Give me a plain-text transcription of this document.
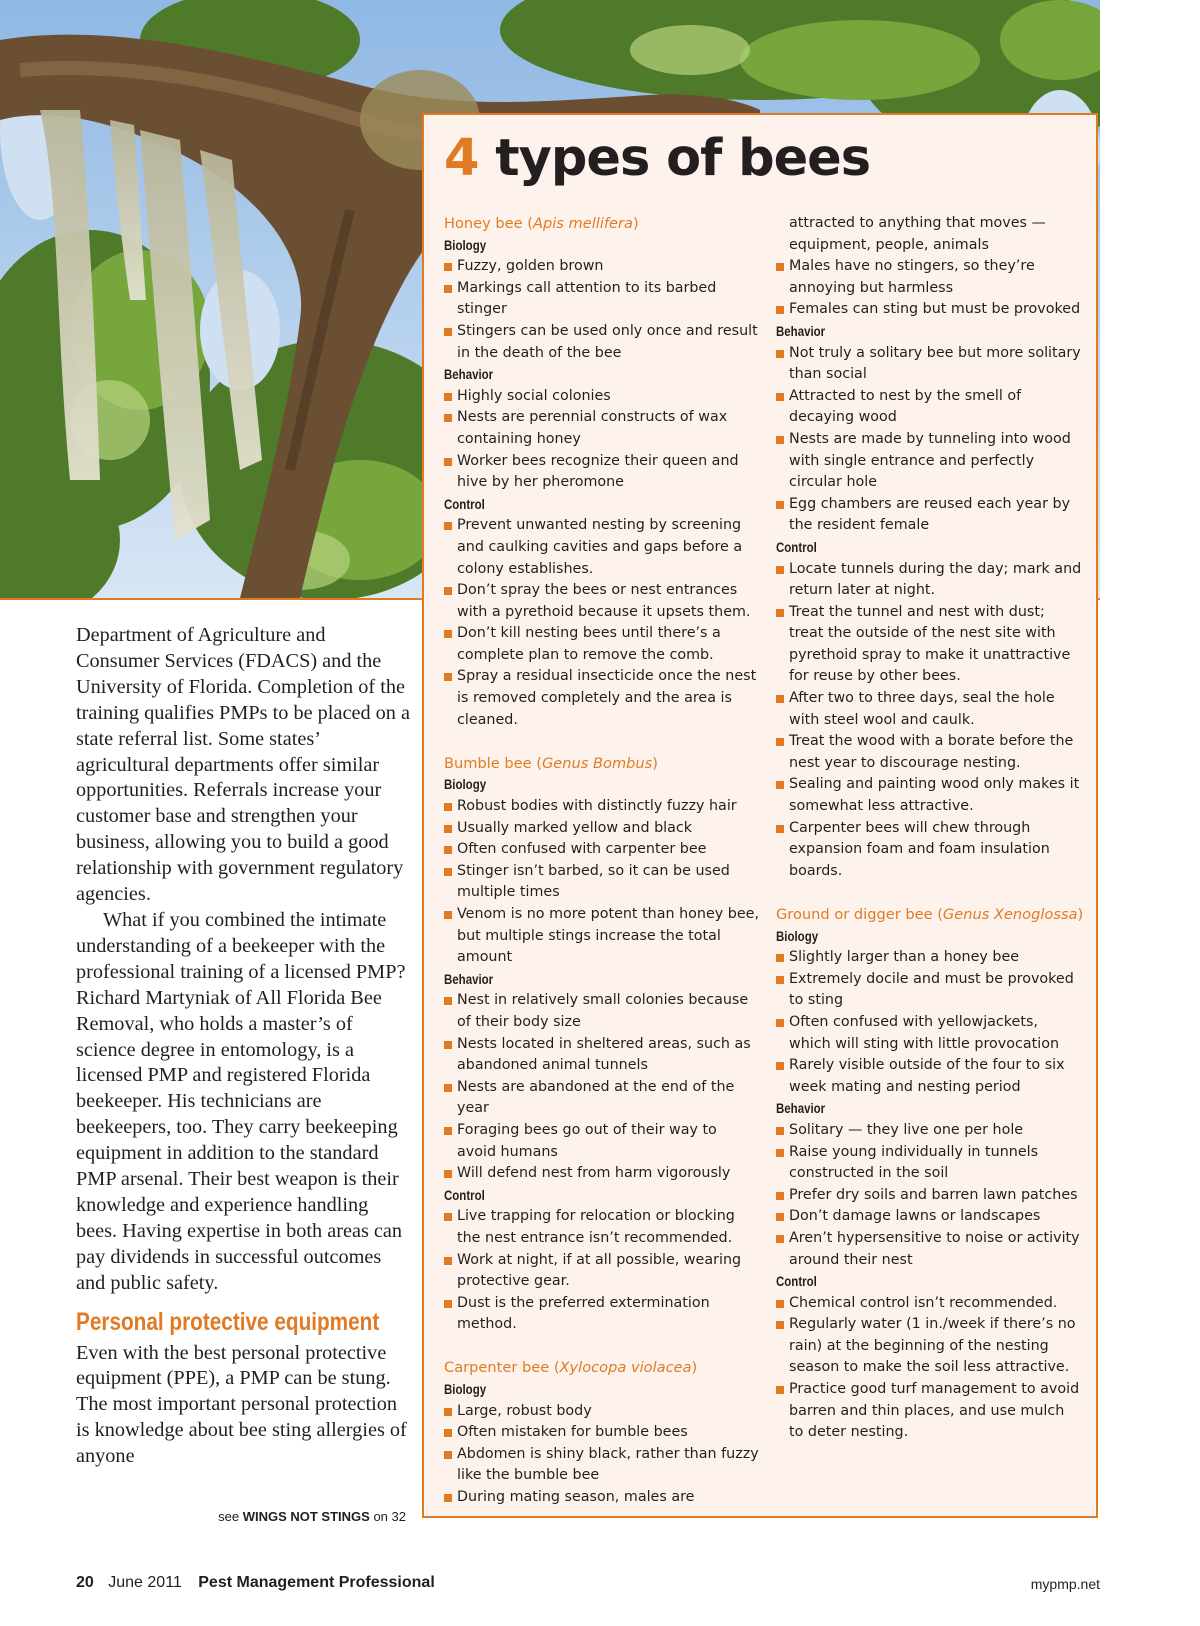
4 types of bees
Honey bee (Apis mellifera)
Biology
Fuzzy, golden brown
Markings call attention to its barbed stinger
Stingers can be used only once and result in the death of the bee
Behavior
Highly social colonies
Nests are perennial constructs of wax containing honey
Worker bees recognize their queen and hive by her pheromone
Control
Prevent unwanted nesting by screening and caulking cavities and gaps before a colony establishes.
Don’t spray the bees or nest entrances with a pyrethoid because it upsets them.
Don’t kill nesting bees until there’s a complete plan to remove the comb.
Spray a residual insecticide once the nest is removed completely and the area is cleaned.
Bumble bee (Genus Bombus)
Biology
Robust bodies with distinctly fuzzy hair
Usually marked yellow and black
Often confused with carpenter bee
Stinger isn’t barbed, so it can be used multiple times
Venom is no more potent than honey bee, but multiple stings increase the total amount
Behavior
Nest in relatively small colonies because of their body size
Nests located in sheltered areas, such as abandoned animal tunnels
Nests are abandoned at the end of the year
Foraging bees go out of their way to avoid humans
Will defend nest from harm vigorously
Control
Live trapping for relocation or blocking the nest entrance isn’t recommended.
Work at night, if at all possible, wearing protective gear.
Dust is the preferred extermination method.
Carpenter bee (Xylocopa violacea)
Biology
Large, robust body
Often mistaken for bumble bees
Abdomen is shiny black, rather than fuzzy like the bumble bee
During mating season, males are
attracted to anything that moves — equipment, people, animals
Males have no stingers, so they’re annoying but harmless
Females can sting but must be provoked
Behavior
Not truly a solitary bee but more solitary than social
Attracted to nest by the smell of decaying wood
Nests are made by tunneling into wood with single entrance and perfectly circular hole
Egg chambers are reused each year by the resident female
Control
Locate tunnels during the day; mark and return later at night.
Treat the tunnel and nest with dust; treat the outside of the nest site with pyrethoid spray to make it unattractive for reuse by other bees.
After two to three days, seal the hole with steel wool and caulk.
Treat the wood with a borate before the nest year to discourage nesting.
Sealing and painting wood only makes it somewhat less attractive.
Carpenter bees will chew through expansion foam and foam insulation boards.
Ground or digger bee (Genus Xenoglossa)
Biology
Slightly larger than a honey bee
Extremely docile and must be provoked to sting
Often confused with yellowjackets, which will sting with little provocation
Rarely visible outside of the four to six week mating and nesting period
Behavior
Solitary — they live one per hole
Raise young individually in tunnels constructed in the soil
Prefer dry soils and barren lawn patches
Don’t damage lawns or landscapes
Aren’t hypersensitive to noise or activity around their nest
Control
Chemical control isn’t recommended.
Regularly water (1 in./week if there’s no rain) at the beginning of the nesting season to make the soil less attractive.
Practice good turf management to avoid barren and thin places, and use mulch to deter nesting.

Department of Agriculture and Consumer Services (FDACS) and the University of Florida. Completion of the training qualifies PMPs to be placed on a state referral list. Some states’ agricultural departments offer similar opportunities. Referrals increase your customer base and strengthen your business, allowing you to build a good relationship with government regulatory agencies.

What if you combined the intimate understanding of a beekeeper with the professional training of a licensed PMP? Richard Martyniak of All Florida Bee Removal, who holds a master’s of science degree in entomology, is a licensed PMP and registered Florida beekeeper. His technicians are beekeepers, too. They carry beekeeping equipment in addition to the standard PMP arsenal. Their best weapon is their knowledge and experience handling bees. Having expertise in both areas can pay dividends in successful outcomes and public safety.

Personal protective equipment

Even with the best personal protective equipment (PPE), a PMP can be stung. The most important personal protection is knowledge about bee sting allergies of anyone

see WINGS NOT STINGS on 32
20 June 2011 Pest Management Professional	mypmp.net
